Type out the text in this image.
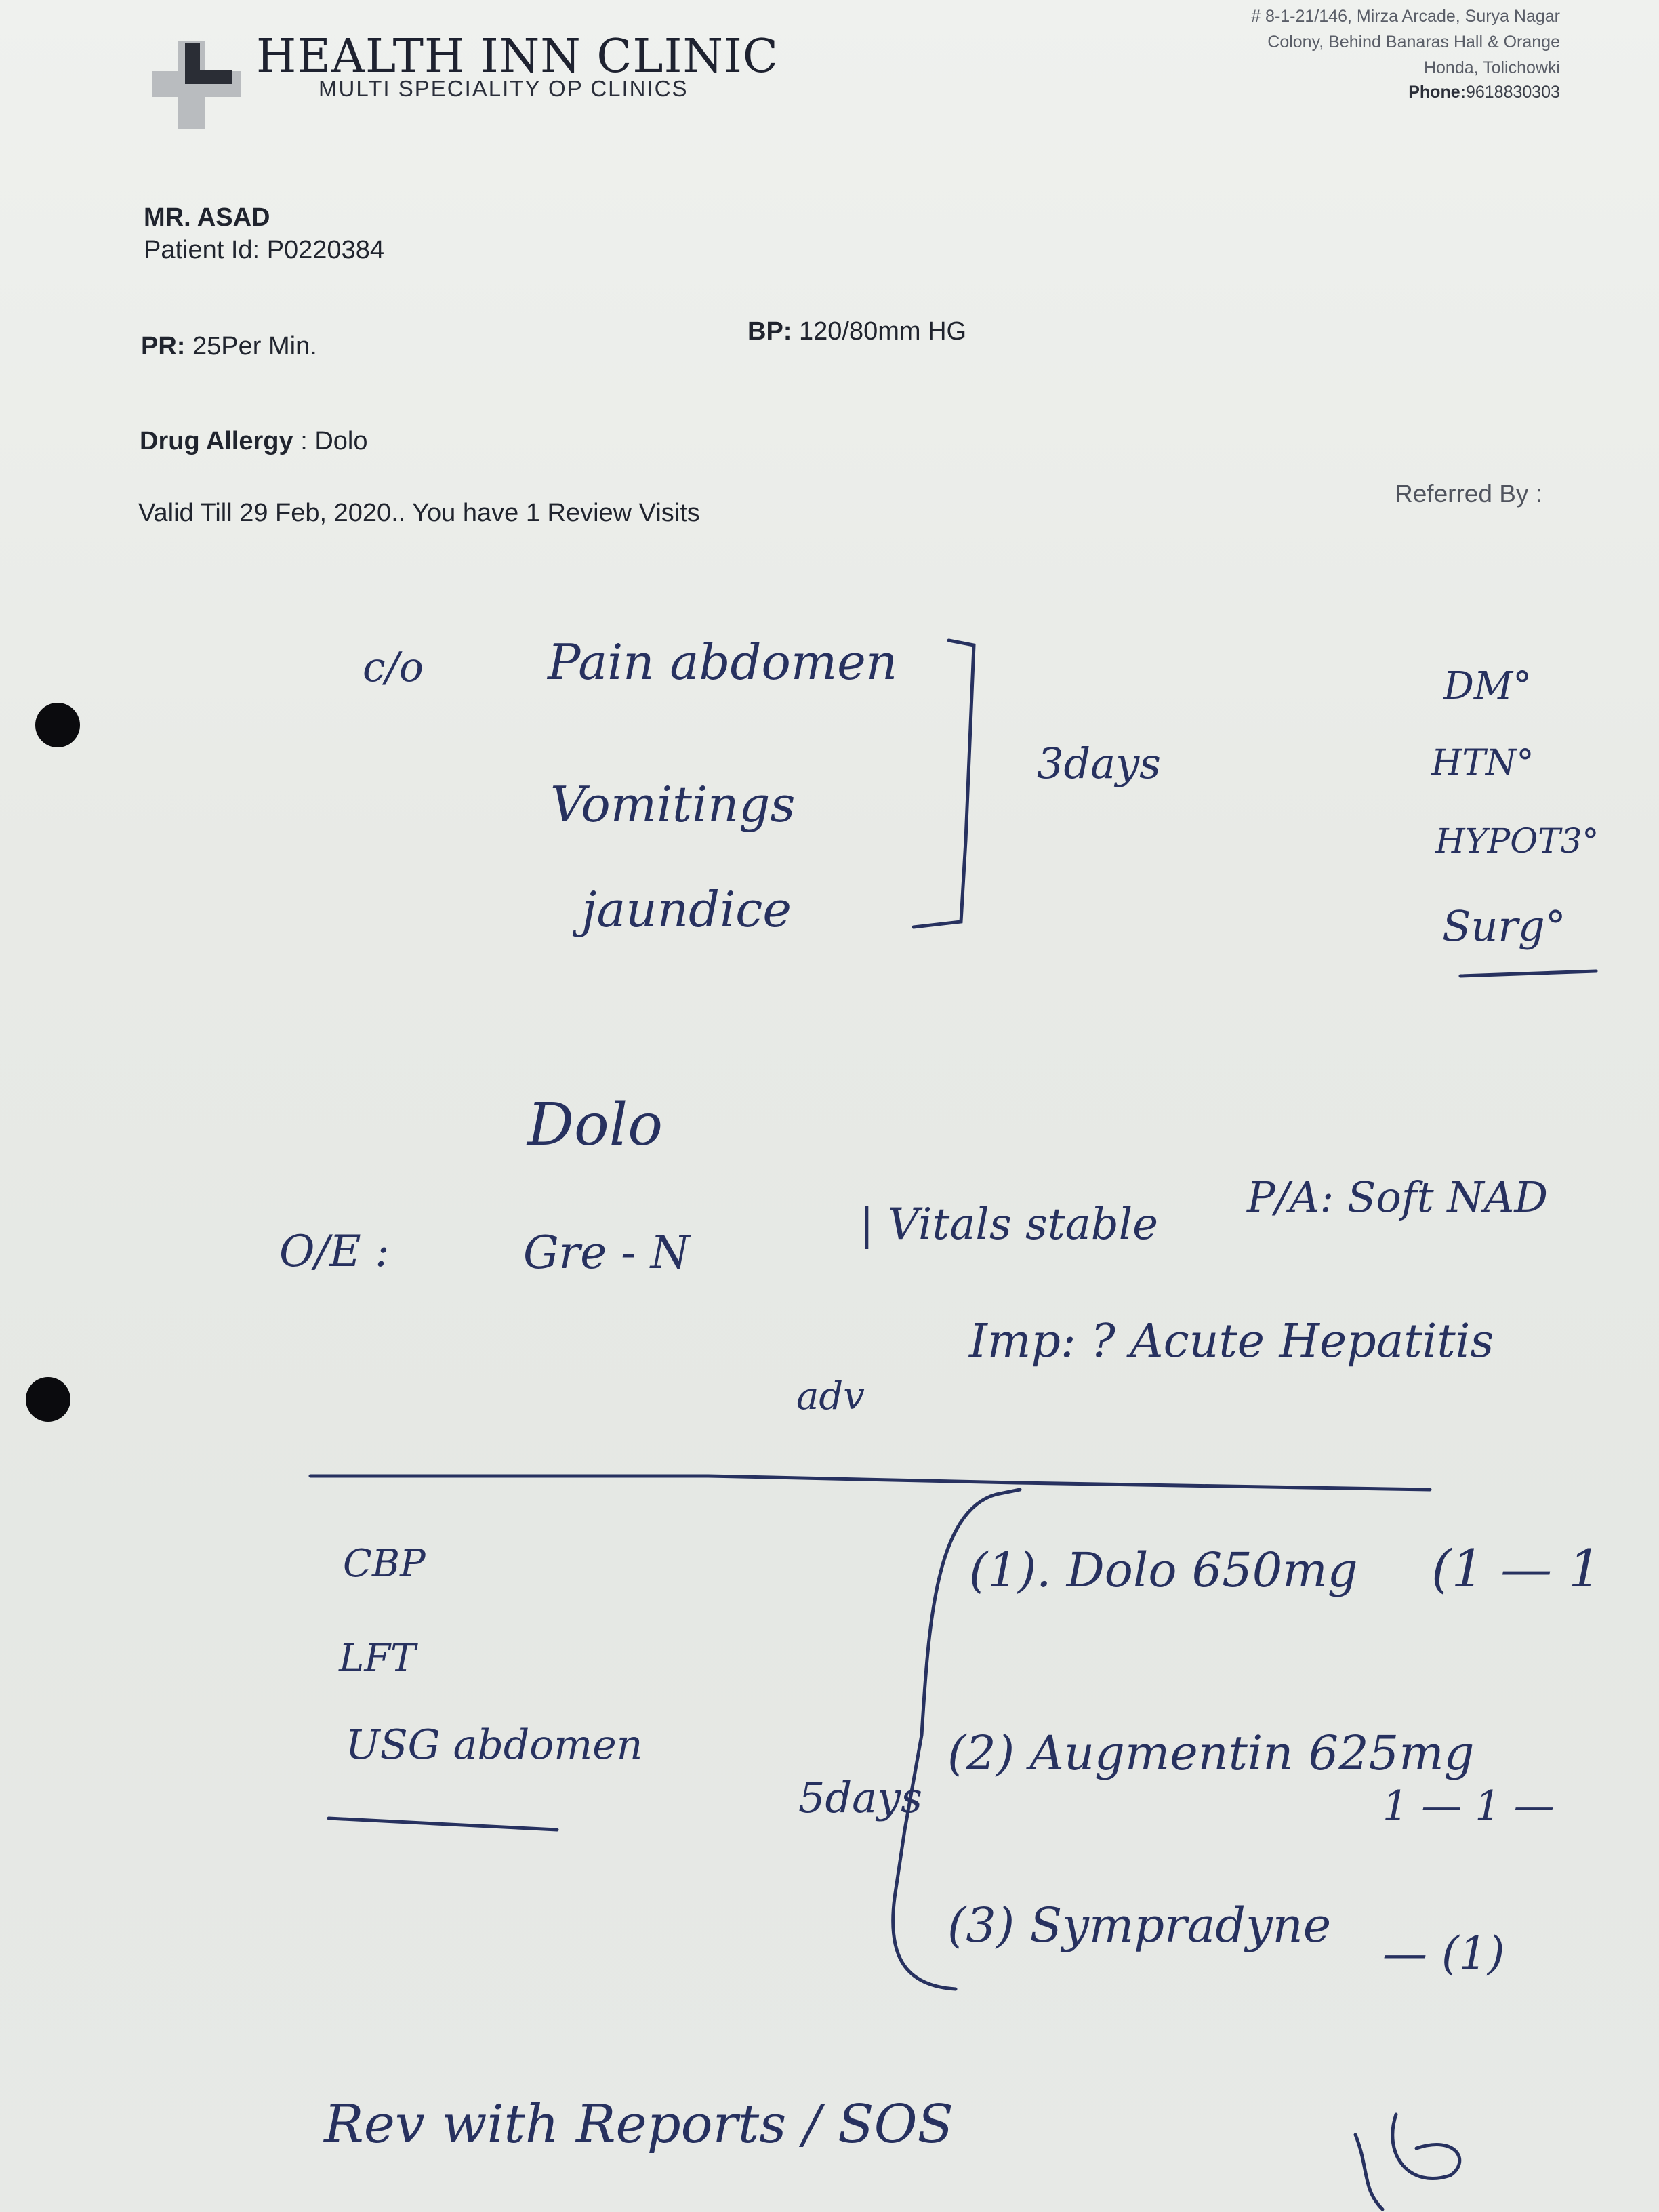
HEALTH INN CLINIC
MULTI SPECIALITY OP CLINICS
# 8-1-21/146, Mirza Arcade, Surya Nagar
Colony, Behind Banaras Hall & Orange
Honda, Tolichowki
Phone:9618830303
MR. ASAD
Patient Id: P0220384
PR: 25Per Min.
BP: 120/80mm HG
Drug Allergy : Dolo
Valid Till 29 Feb, 2020.. You have 1 Review Visits
Referred By :
c/o	Pain abdomen
Vomitings
jaundice
3days
DM°
HTN°
HYPOT3°
Surg°
Dolo
O/E :	Gre - N
| Vitals stable
P/A: Soft NAD
Imp: ? Acute Hepatitis
adv
CBP
LFT
USG abdomen
5days
(1). Dolo 650mg (1 — 1
(2) Augmentin 625mg
1 — 1 —
(3) Sympradyne
— (1)
Rev with Reports / SOS
